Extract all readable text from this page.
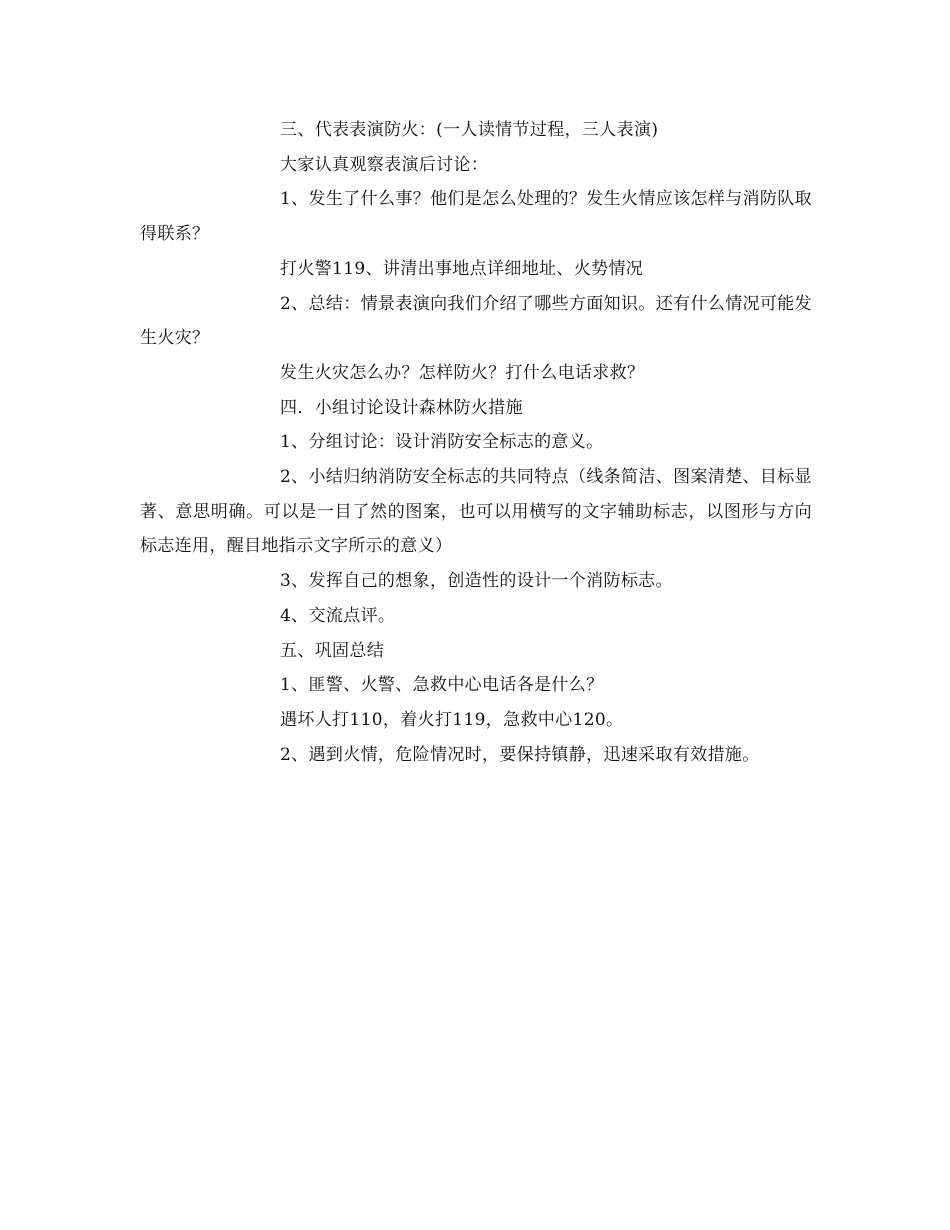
三、代表表演防火：(一人读情节过程，三人表演)

大家认真观察表演后讨论：

1、发生了什么事？他们是怎么处理的？发生火情应该怎样与消防队取得联系？

打火警119、讲清出事地点详细地址、火势情况

2、总结：情景表演向我们介绍了哪些方面知识。还有什么情况可能发生火灾？

发生火灾怎么办？怎样防火？打什么电话求救？

四．小组讨论设计森林防火措施

1、分组讨论：设计消防安全标志的意义。

2、小结归纳消防安全标志的共同特点（线条简洁、图案清楚、目标显著、意思明确。可以是一目了然的图案，也可以用横写的文字辅助标志，以图形与方向标志连用，醒目地指示文字所示的意义）

3、发挥自己的想象，创造性的设计一个消防标志。

4、交流点评。

五、巩固总结

1、匪警、火警、急救中心电话各是什么？

遇坏人打110，着火打119，急救中心120。

2、遇到火情，危险情况时，要保持镇静，迅速采取有效措施。
